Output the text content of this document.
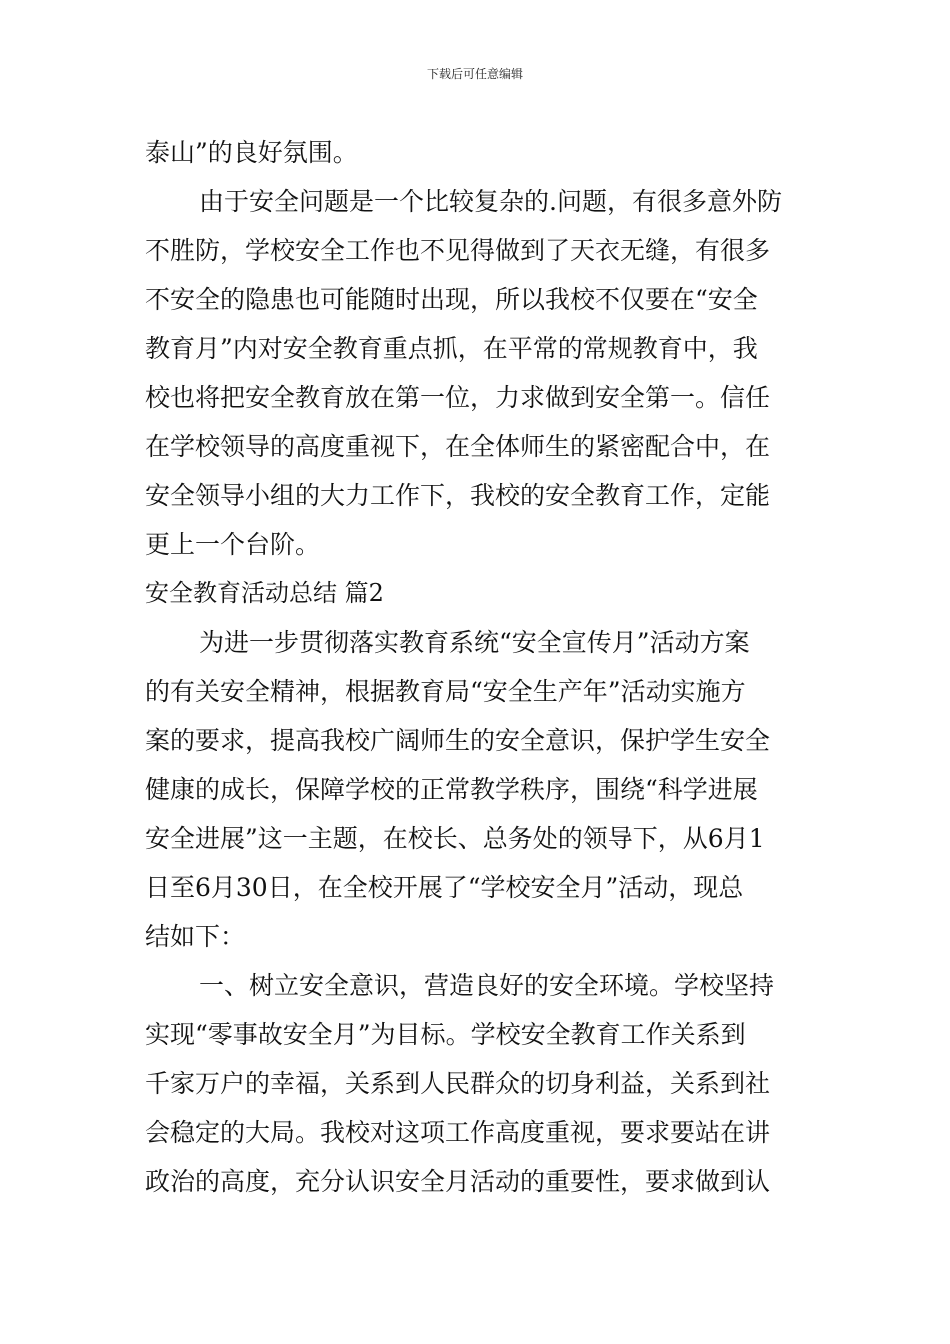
下载后可任意编辑
泰山”的良好氛围。
由于安全问题是一个比较复杂的.问题，有很多意外防
不胜防，学校安全工作也不见得做到了天衣无缝，有很多
不安全的隐患也可能随时出现，所以我校不仅要在“安全
教育月”内对安全教育重点抓，在平常的常规教育中，我
校也将把安全教育放在第一位，力求做到安全第一。信任
在学校领导的高度重视下，在全体师生的紧密配合中，在
安全领导小组的大力工作下，我校的安全教育工作，定能
更上一个台阶。
安全教育活动总结 篇2
为进一步贯彻落实教育系统“安全宣传月”活动方案
的有关安全精神，根据教育局“安全生产年”活动实施方
案的要求，提高我校广阔师生的安全意识，保护学生安全
健康的成长，保障学校的正常教学秩序，围绕“科学进展
安全进展”这一主题，在校长、总务处的领导下，从6月1
日至6月30日，在全校开展了“学校安全月”活动，现总
结如下：
一、树立安全意识，营造良好的安全环境。学校坚持
实现“零事故安全月”为目标。学校安全教育工作关系到
千家万户的幸福，关系到人民群众的切身利益，关系到社
会稳定的大局。我校对这项工作高度重视，要求要站在讲
政治的高度，充分认识安全月活动的重要性，要求做到认
